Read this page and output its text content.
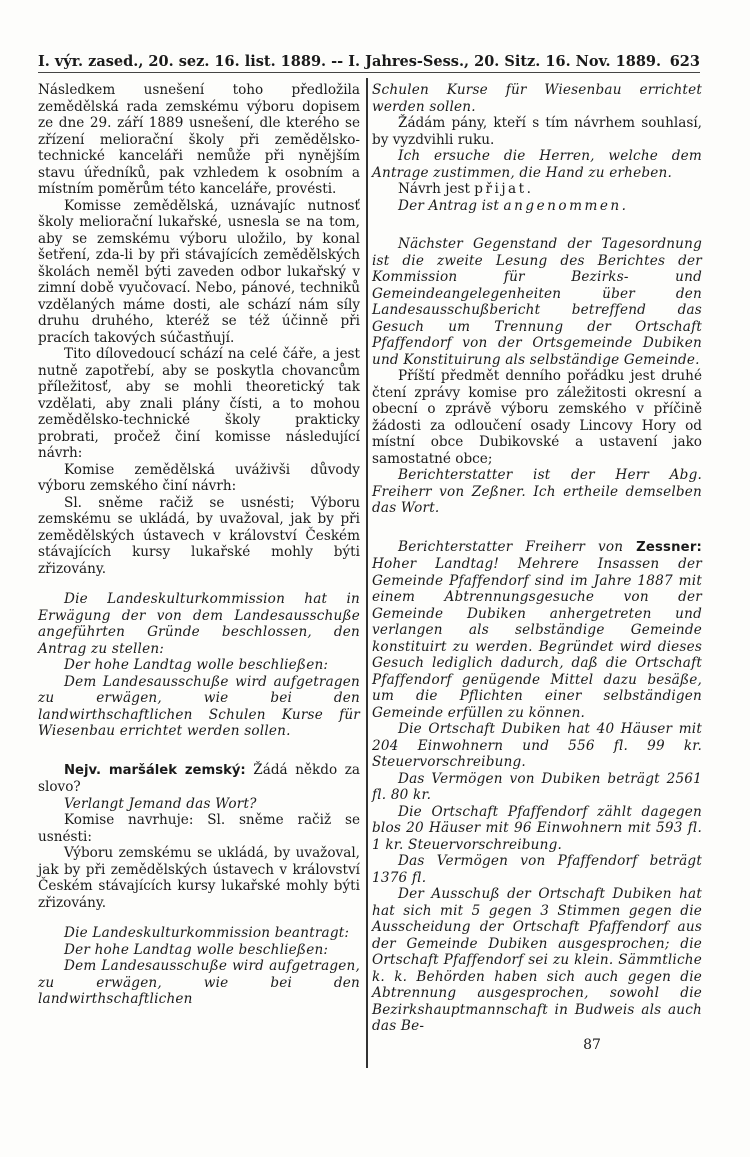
I. výr. zased., 20. sez. 16. list. 1889. -- I. Jahres-Sess., 20. Sitz. 16. Nov. 1889. 623

Následkem usnešení toho předložila zemědělská rada zemskému výboru dopisem ze dne 29. září 1889 usnešení, dle kterého se zřízení meliorační školy při zemědělsko-technické kanceláři nemůže při nynějším stavu úředníků, pak vzhledem k osobním a místním poměrům této kanceláře, provésti.

Komisse zemědělská, uznávajíc nutnosť školy meliorační lukařské, usnesla se na tom, aby se zemskému výboru uložilo, by konal šetření, zda-li by při stávajících zemědělských školách neměl býti zaveden odbor lukařský v zimní době vyučovací. Nebo, pánové, techniků vzdělaných máme dosti, ale schází nám síly druhu druhého, kteréž se též účinně při pracích takových súčastňují.

Tito dílovedoucí schází na celé čáře, a jest nutně zapotřebí, aby se poskytla chovancům příležitosť, aby se mohli theoretický tak vzdělati, aby znali plány čísti, a to mohou zemědělsko-technické školy prakticky probrati, pročež činí komisse následující návrh:

Komise zemědělská uváživši důvody výboru zemského činí návrh:

Sl. sněme račiž se usnésti; Výboru zemskému se ukládá, by uvažoval, jak by při zemědělských ústavech v království Českém stávajících kursy lukařské mohly býti zřizovány.

Die Landeskulturkommission hat in Erwägung der von dem Landesausschuße angeführten Gründe beschlossen, den Antrag zu stellen:

Der hohe Landtag wolle beschließen:

Dem Landesausschuße wird aufgetragen zu erwägen, wie bei den landwirthschaftlichen Schulen Kurse für Wiesenbau errichtet werden sollen.

Nejv. maršálek zemský: Žádá někdo za slovo?

Verlangt Jemand das Wort?

Komise navrhuje: Sl. sněme račiž se usnésti:

Výboru zemskému se ukládá, by uvažoval, jak by při zemědělských ústavech v království Českém stávajících kursy lukařské mohly býti zřizovány.

Die Landeskulturkommission beantragt:

Der hohe Landtag wolle beschließen:

Dem Landesausschuße wird aufgetragen, zu erwägen, wie bei den landwirthschaftlichen

Schulen Kurse für Wiesenbau errichtet werden sollen.

Žádám pány, kteří s tím návrhem souhlasí, by vyzdvihli ruku.

Ich ersuche die Herren, welche dem Antrage zustimmen, die Hand zu erheben.

Návrh jest přijat.

Der Antrag ist angenommen.

Nächster Gegenstand der Tagesordnung ist die zweite Lesung des Berichtes der Kommission für Bezirks- und Gemeindeangelegenheiten über den Landesausschußbericht betreffend das Gesuch um Trennung der Ortschaft Pfaffendorf von der Ortsgemeinde Dubiken und Konstituirung als selbständige Gemeinde.

Příští předmět denního pořádku jest druhé čtení zprávy komise pro záležitosti okresní a obecní o zprávě výboru zemského v příčině žádosti za odloučení osady Lincovy Hory od místní obce Dubikovské a ustavení jako samostatné obce;

Berichterstatter ist der Herr Abg. Freiherr von Zeßner. Ich ertheile demselben das Wort.

Berichterstatter Freiherr von Zessner: Hoher Landtag! Mehrere Insassen der Gemeinde Pfaffendorf sind im Jahre 1887 mit einem Abtrennungsgesuche von der Gemeinde Dubiken anhergetreten und verlangen als selbständige Gemeinde konstituirt zu werden. Begründet wird dieses Gesuch lediglich dadurch, daß die Ortschaft Pfaffendorf genügende Mittel dazu besäße, um die Pflichten einer selbständigen Gemeinde erfüllen zu können.

Die Ortschaft Dubiken hat 40 Häuser mit 204 Einwohnern und 556 fl. 99 kr. Steuervorschreibung.

Das Vermögen von Dubiken beträgt 2561 fl. 80 kr.

Die Ortschaft Pfaffendorf zählt dagegen blos 20 Häuser mit 96 Einwohnern mit 593 fl. 1 kr. Steuervorschreibung.

Das Vermögen von Pfaffendorf beträgt 1376 fl.

Der Ausschuß der Ortschaft Dubiken hat hat sich mit 5 gegen 3 Stimmen gegen die Ausscheidung der Ortschaft Pfaffendorf aus der Gemeinde Dubiken ausgesprochen; die Ortschaft Pfaffendorf sei zu klein. Sämmtliche k. k. Behörden haben sich auch gegen die Abtrennung ausgesprochen, sowohl die Bezirkshauptmannschaft in Budweis als auch das Be-

87
